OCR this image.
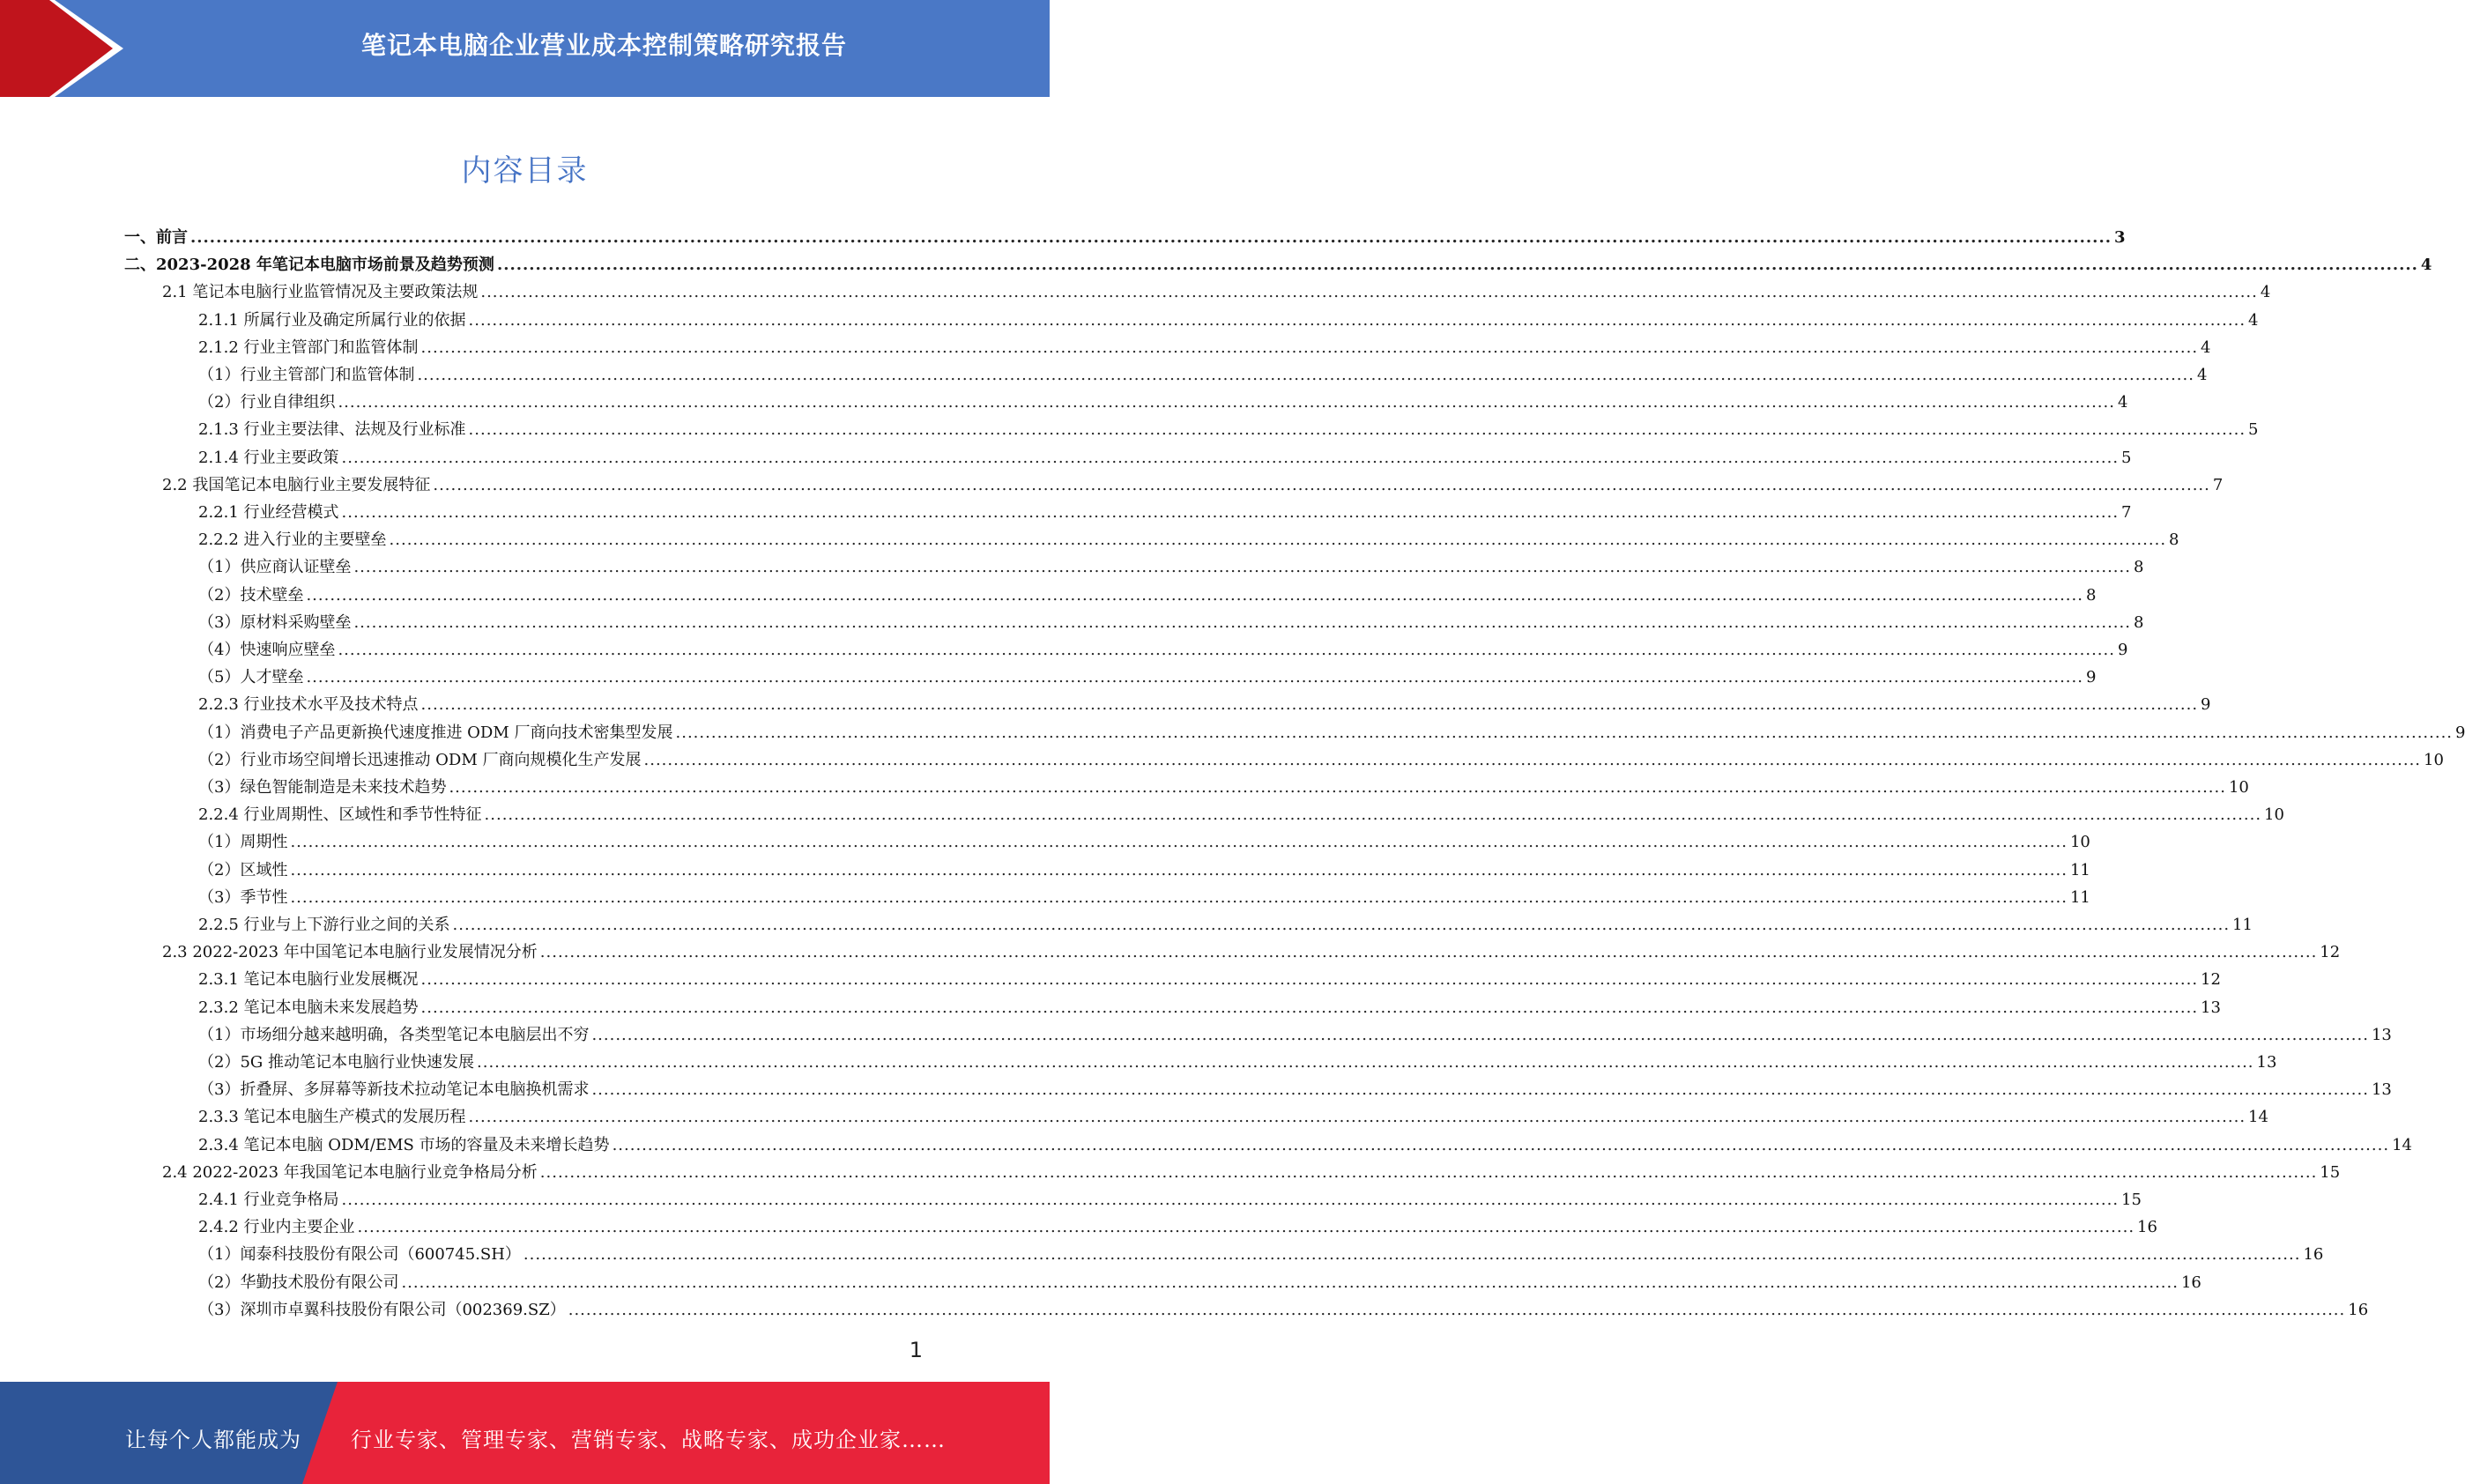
笔记本电脑企业营业成本控制策略研究报告
内容目录
一、前言 ............................................................................................................................................................................................................................................................................................................ 3
二、2023-2028 年笔记本电脑市场前景及趋势预测 ............................................................................................................................................................................................................................................................................................................ 4
2.1 笔记本电脑行业监管情况及主要政策法规 ............................................................................................................................................................................................................................................................................................................ 4
2.1.1 所属行业及确定所属行业的依据 ............................................................................................................................................................................................................................................................................................................ 4
2.1.2 行业主管部门和监管体制 ............................................................................................................................................................................................................................................................................................................ 4
（1）行业主管部门和监管体制 ............................................................................................................................................................................................................................................................................................................ 4
（2）行业自律组织 ............................................................................................................................................................................................................................................................................................................ 4
2.1.3 行业主要法律、法规及行业标准 ............................................................................................................................................................................................................................................................................................................ 5
2.1.4 行业主要政策 ............................................................................................................................................................................................................................................................................................................ 5
2.2 我国笔记本电脑行业主要发展特征 ............................................................................................................................................................................................................................................................................................................ 7
2.2.1 行业经营模式 ............................................................................................................................................................................................................................................................................................................ 7
2.2.2 进入行业的主要壁垒 ............................................................................................................................................................................................................................................................................................................ 8
（1）供应商认证壁垒 ............................................................................................................................................................................................................................................................................................................ 8
（2）技术壁垒 ............................................................................................................................................................................................................................................................................................................ 8
（3）原材料采购壁垒 ............................................................................................................................................................................................................................................................................................................ 8
（4）快速响应壁垒 ............................................................................................................................................................................................................................................................................................................ 9
（5）人才壁垒 ............................................................................................................................................................................................................................................................................................................ 9
2.2.3 行业技术水平及技术特点 ............................................................................................................................................................................................................................................................................................................ 9
（1）消费电子产品更新换代速度推进 ODM 厂商向技术密集型发展 ............................................................................................................................................................................................................................................................................................................ 9
（2）行业市场空间增长迅速推动 ODM 厂商向规模化生产发展 ............................................................................................................................................................................................................................................................................................................ 10
（3）绿色智能制造是未来技术趋势 ............................................................................................................................................................................................................................................................................................................ 10
2.2.4 行业周期性、区域性和季节性特征 ............................................................................................................................................................................................................................................................................................................ 10
（1）周期性 ............................................................................................................................................................................................................................................................................................................ 10
（2）区域性 ............................................................................................................................................................................................................................................................................................................ 11
（3）季节性 ............................................................................................................................................................................................................................................................................................................ 11
2.2.5 行业与上下游行业之间的关系 ............................................................................................................................................................................................................................................................................................................ 11
2.3 2022-2023 年中国笔记本电脑行业发展情况分析 ............................................................................................................................................................................................................................................................................................................ 12
2.3.1 笔记本电脑行业发展概况 ............................................................................................................................................................................................................................................................................................................ 12
2.3.2 笔记本电脑未来发展趋势 ............................................................................................................................................................................................................................................................................................................ 13
（1）市场细分越来越明确，各类型笔记本电脑层出不穷 ............................................................................................................................................................................................................................................................................................................ 13
（2）5G 推动笔记本电脑行业快速发展 ............................................................................................................................................................................................................................................................................................................ 13
（3）折叠屏、多屏幕等新技术拉动笔记本电脑换机需求 ............................................................................................................................................................................................................................................................................................................ 13
2.3.3 笔记本电脑生产模式的发展历程 ............................................................................................................................................................................................................................................................................................................ 14
2.3.4 笔记本电脑 ODM/EMS 市场的容量及未来增长趋势 ............................................................................................................................................................................................................................................................................................................ 14
2.4 2022-2023 年我国笔记本电脑行业竞争格局分析 ............................................................................................................................................................................................................................................................................................................ 15
2.4.1 行业竞争格局 ............................................................................................................................................................................................................................................................................................................ 15
2.4.2 行业内主要企业 ............................................................................................................................................................................................................................................................................................................ 16
（1）闻泰科技股份有限公司（600745.SH） ............................................................................................................................................................................................................................................................................................................ 16
（2）华勤技术股份有限公司 ............................................................................................................................................................................................................................................................................................................ 16
（3）深圳市卓翼科技股份有限公司（002369.SZ） ............................................................................................................................................................................................................................................................................................................ 16
1
让每个人都能成为 行业专家、管理专家、营销专家、战略专家、成功企业家……
